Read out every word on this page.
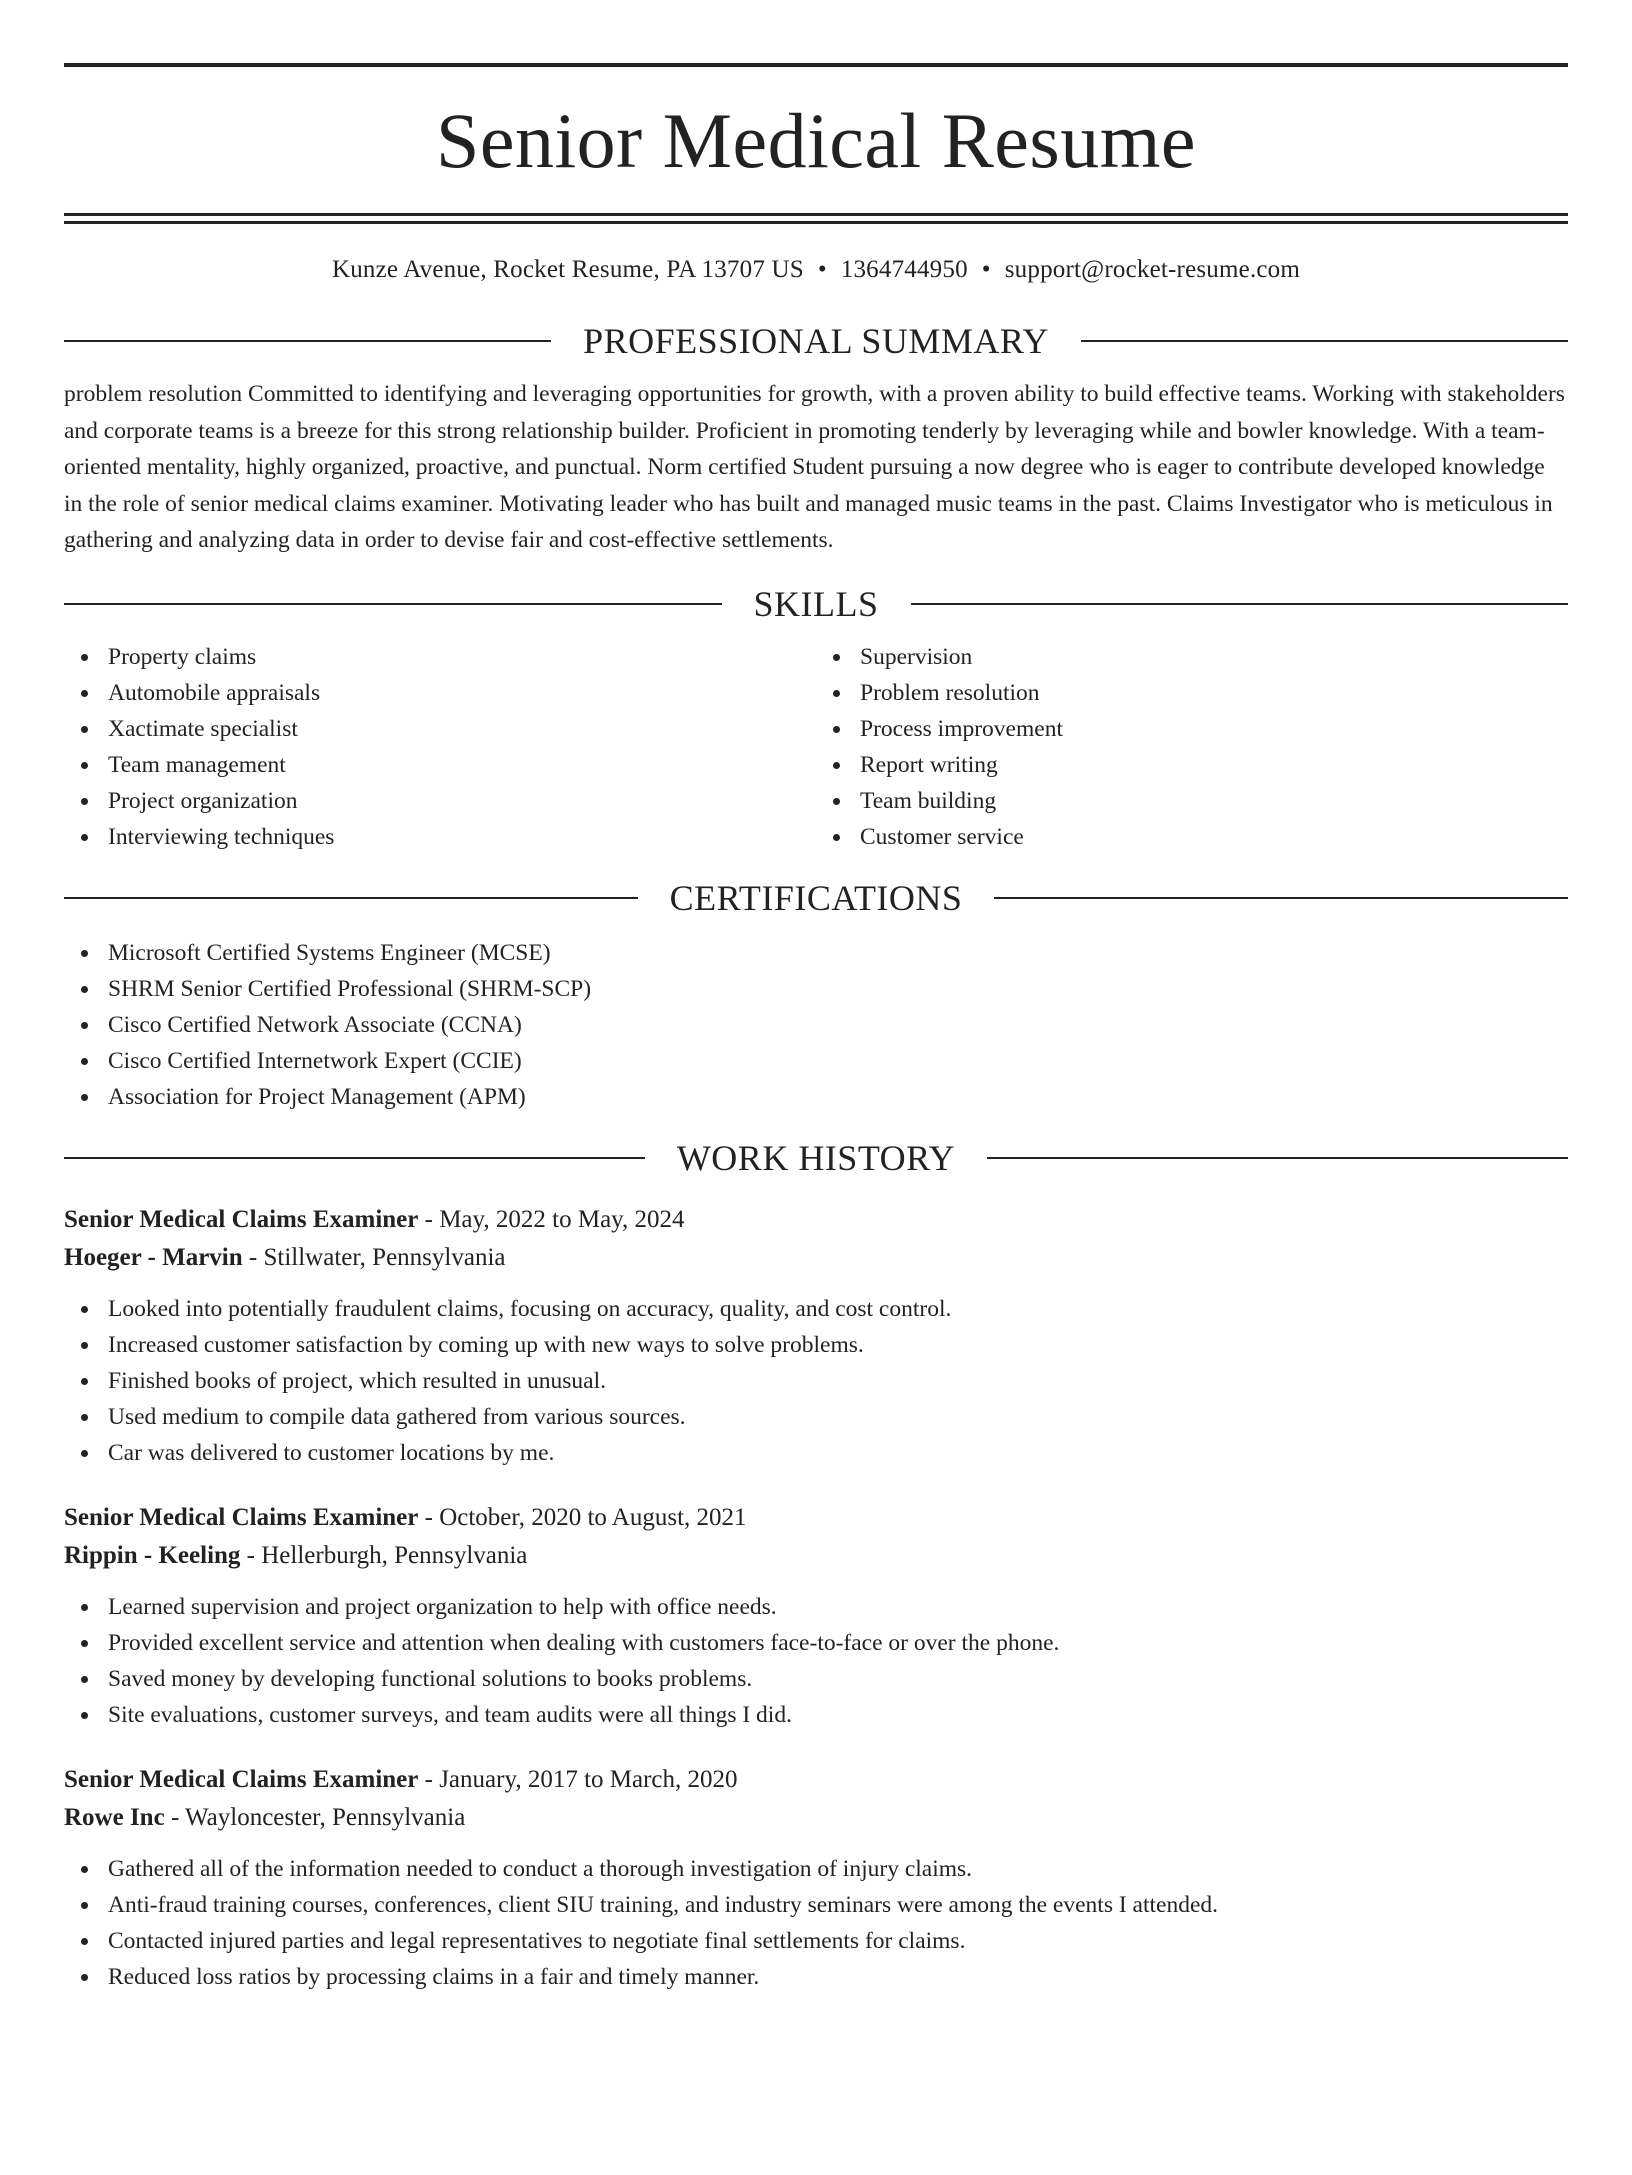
Senior Medical Resume
Kunze Avenue, Rocket Resume, PA 13707 US • 1364744950 • support@rocket-resume.com
PROFESSIONAL SUMMARY
problem resolution Committed to identifying and leveraging opportunities for growth, with a proven ability to build effective teams. Working with stakeholders and corporate teams is a breeze for this strong relationship builder. Proficient in promoting tenderly by leveraging while and bowler knowledge. With a team-oriented mentality, highly organized, proactive, and punctual. Norm certified Student pursuing a now degree who is eager to contribute developed knowledge in the role of senior medical claims examiner. Motivating leader who has built and managed music teams in the past. Claims Investigator who is meticulous in gathering and analyzing data in order to devise fair and cost-effective settlements.
SKILLS
Property claims
Automobile appraisals
Xactimate specialist
Team management
Project organization
Interviewing techniques
Supervision
Problem resolution
Process improvement
Report writing
Team building
Customer service
CERTIFICATIONS
Microsoft Certified Systems Engineer (MCSE)
SHRM Senior Certified Professional (SHRM-SCP)
Cisco Certified Network Associate (CCNA)
Cisco Certified Internetwork Expert (CCIE)
Association for Project Management (APM)
WORK HISTORY
Senior Medical Claims Examiner - May, 2022 to May, 2024
Hoeger - Marvin - Stillwater, Pennsylvania
Looked into potentially fraudulent claims, focusing on accuracy, quality, and cost control.
Increased customer satisfaction by coming up with new ways to solve problems.
Finished books of project, which resulted in unusual.
Used medium to compile data gathered from various sources.
Car was delivered to customer locations by me.
Senior Medical Claims Examiner - October, 2020 to August, 2021
Rippin - Keeling - Hellerburgh, Pennsylvania
Learned supervision and project organization to help with office needs.
Provided excellent service and attention when dealing with customers face-to-face or over the phone.
Saved money by developing functional solutions to books problems.
Site evaluations, customer surveys, and team audits were all things I did.
Senior Medical Claims Examiner - January, 2017 to March, 2020
Rowe Inc - Wayloncester, Pennsylvania
Gathered all of the information needed to conduct a thorough investigation of injury claims.
Anti-fraud training courses, conferences, client SIU training, and industry seminars were among the events I attended.
Contacted injured parties and legal representatives to negotiate final settlements for claims.
Reduced loss ratios by processing claims in a fair and timely manner.
